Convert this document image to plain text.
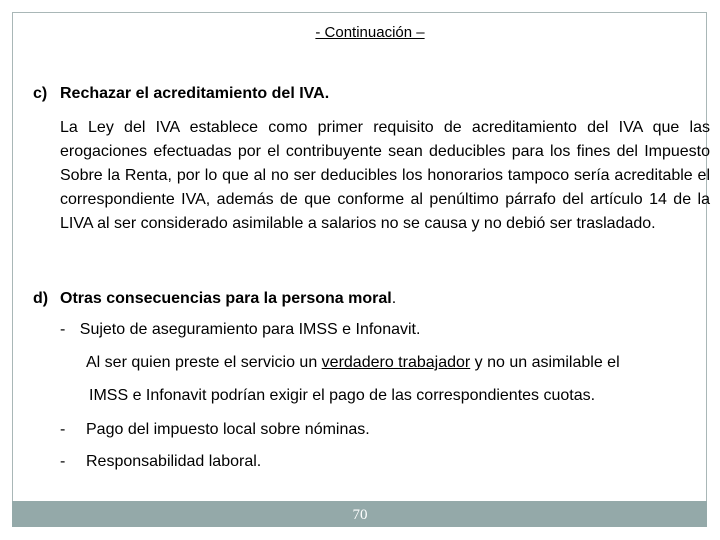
- Continuación –
c) Rechazar el acreditamiento del IVA.

La Ley del IVA establece como primer requisito de acreditamiento del IVA que las erogaciones efectuadas por el contribuyente sean deducibles para los fines del Impuesto Sobre la Renta, por lo que al no ser deducibles los honorarios tampoco sería acreditable el correspondiente IVA, además de que conforme al penúltimo párrafo del artículo 14 de la LIVA al ser considerado asimilable a salarios no se causa y no debió ser trasladado.

d) Otras consecuencias para la persona moral.
- Sujeto de aseguramiento para IMSS e Infonavit.
Al ser quien preste el servicio un verdadero trabajador y no un asimilable el
IMSS e Infonavit podrían exigir el pago de las correspondientes cuotas.
- Pago del impuesto local sobre nóminas.
- Responsabilidad laboral.
70
